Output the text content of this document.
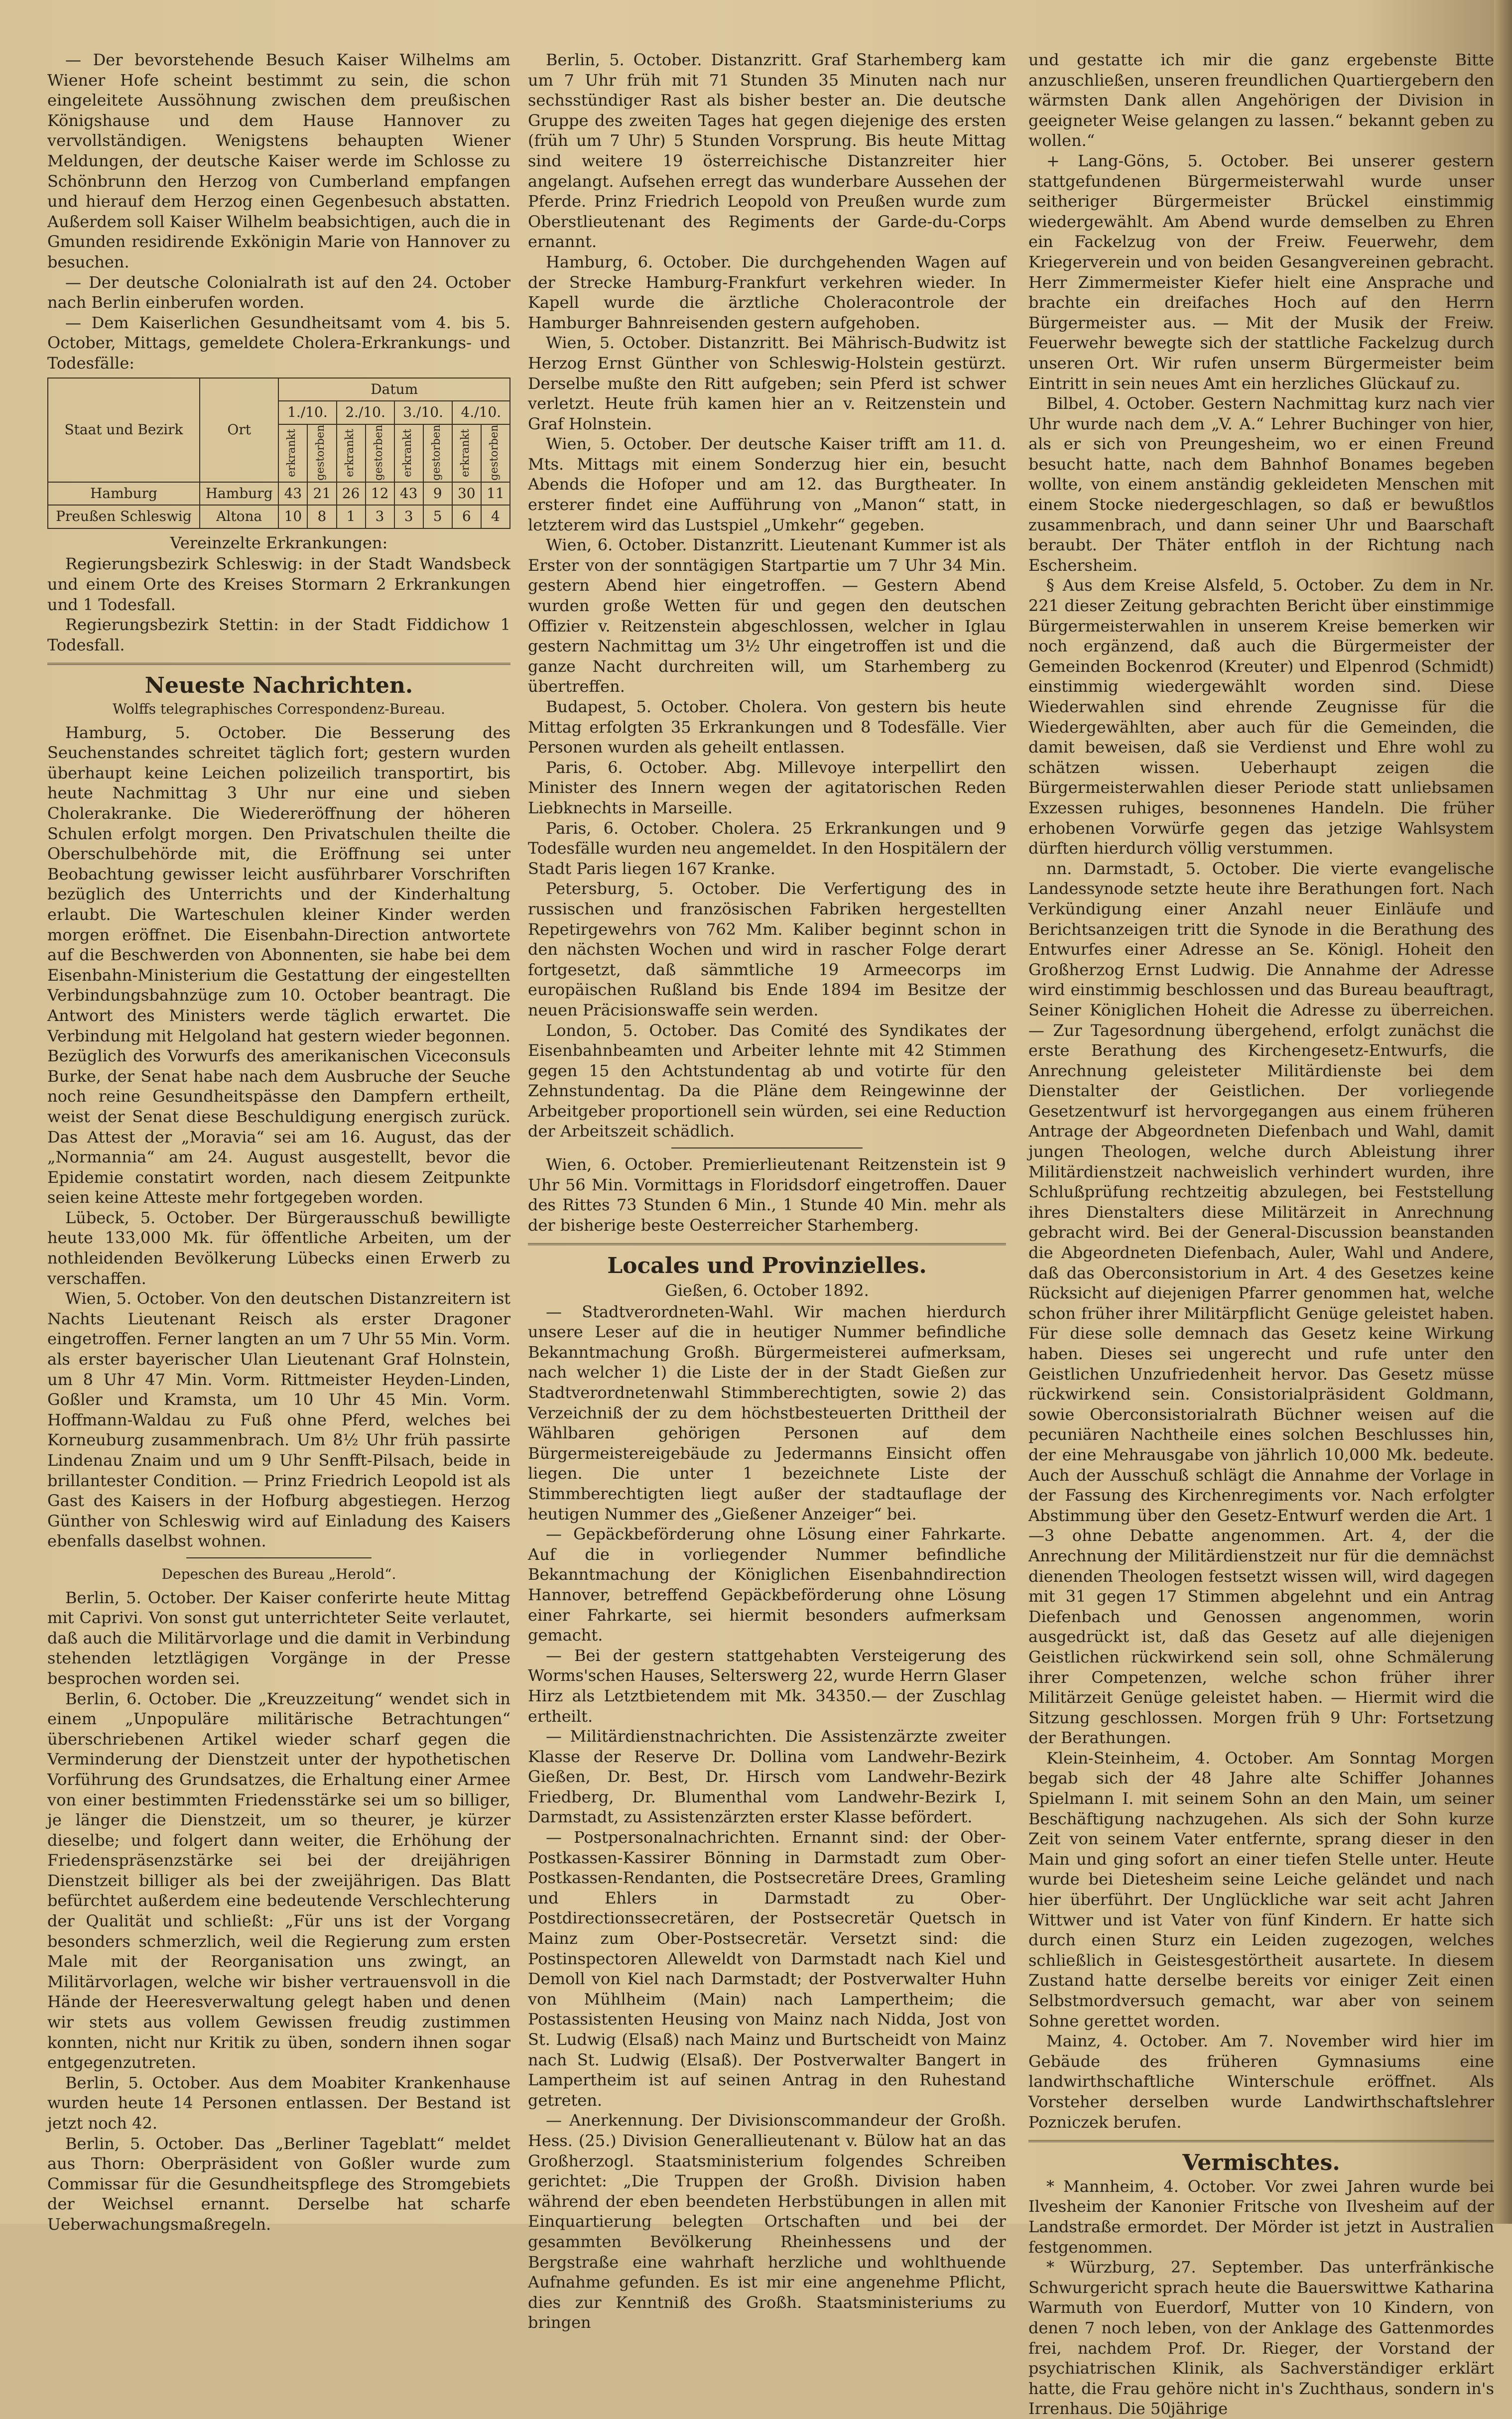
— Der bevorstehende Besuch Kaiser Wilhelms am Wiener Hofe scheint bestimmt zu sein, die schon eingeleitete Aussöhnung zwischen dem preußischen Königshause und dem Hause Hannover zu vervollständigen. Wenigstens behaupten Wiener Meldungen, der deutsche Kaiser werde im Schlosse zu Schönbrunn den Herzog von Cumberland empfangen und hierauf dem Herzog einen Gegenbesuch abstatten. Außerdem soll Kaiser Wilhelm beabsichtigen, auch die in Gmunden residirende Exkönigin Marie von Hannover zu besuchen.

— Der deutsche Colonialrath ist auf den 24. October nach Berlin einberufen worden.

— Dem Kaiserlichen Gesundheitsamt vom 4. bis 5. October, Mittags, gemeldete Cholera-Erkrankungs- und Todesfälle:

Staat und Bezirk	Ort	Datum							
		1./10.		2./10.		3./10.		4./10.	

		erkrankt	gestorben	erkrankt	gestorben	erkrankt	gestorben	erkrankt	gestorben

Hamburg	Hamburg	43	21	26	12	43	9	30	11
Preußen Schleswig	Altona	10	8	1	3	3	5	6	4
Vereinzelte Erkrankungen:

Regierungsbezirk Schleswig: in der Stadt Wandsbeck und einem Orte des Kreises Stormarn 2 Erkrankungen und 1 Todesfall.

Regierungsbezirk Stettin: in der Stadt Fiddichow 1 Todesfall.

Neueste Nachrichten.
Wolffs telegraphisches Correspondenz-Bureau.

Hamburg, 5. October. Die Besserung des Seuchenstandes schreitet täglich fort; gestern wurden überhaupt keine Leichen polizeilich transportirt, bis heute Nachmittag 3 Uhr nur eine und sieben Cholerakranke. Die Wiedereröffnung der höheren Schulen erfolgt morgen. Den Privatschulen theilte die Oberschulbehörde mit, die Eröffnung sei unter Beobachtung gewisser leicht ausführbarer Vorschriften bezüglich des Unterrichts und der Kinderhaltung erlaubt. Die Warteschulen kleiner Kinder werden morgen eröffnet. Die Eisenbahn-Direction antwortete auf die Beschwerden von Abonnenten, sie habe bei dem Eisenbahn-Ministerium die Gestattung der eingestellten Verbindungsbahnzüge zum 10. October beantragt. Die Antwort des Ministers werde täglich erwartet. Die Verbindung mit Helgoland hat gestern wieder begonnen. Bezüglich des Vorwurfs des amerikanischen Viceconsuls Burke, der Senat habe nach dem Ausbruche der Seuche noch reine Gesundheitspässe den Dampfern ertheilt, weist der Senat diese Beschuldigung energisch zurück. Das Attest der „Moravia“ sei am 16. August, das der „Normannia“ am 24. August ausgestellt, bevor die Epidemie constatirt worden, nach diesem Zeitpunkte seien keine Atteste mehr fortgegeben worden.

Lübeck, 5. October. Der Bürgerausschuß bewilligte heute 133,000 Mk. für öffentliche Arbeiten, um der nothleidenden Bevölkerung Lübecks einen Erwerb zu verschaffen.

Wien, 5. October. Von den deutschen Distanzreitern ist Nachts Lieutenant Reisch als erster Dragoner eingetroffen. Ferner langten an um 7 Uhr 55 Min. Vorm. als erster bayerischer Ulan Lieutenant Graf Holnstein, um 8 Uhr 47 Min. Vorm. Rittmeister Heyden-Linden, Goßler und Kramsta, um 10 Uhr 45 Min. Vorm. Hoffmann-Waldau zu Fuß ohne Pferd, welches bei Korneuburg zusammenbrach. Um 8½ Uhr früh passirte Lindenau Znaim und um 9 Uhr Senfft-Pilsach, beide in brillantester Condition. — Prinz Friedrich Leopold ist als Gast des Kaisers in der Hofburg abgestiegen. Herzog Günther von Schleswig wird auf Einladung des Kaisers ebenfalls daselbst wohnen.

Depeschen des Bureau „Herold“.

Berlin, 5. October. Der Kaiser conferirte heute Mittag mit Caprivi. Von sonst gut unterrichteter Seite verlautet, daß auch die Militärvorlage und die damit in Verbindung stehenden letztlägigen Vorgänge in der Presse besprochen worden sei.

Berlin, 6. October. Die „Kreuzzeitung“ wendet sich in einem „Unpopuläre militärische Betrachtungen“ überschriebenen Artikel wieder scharf gegen die Verminderung der Dienstzeit unter der hypothetischen Vorführung des Grundsatzes, die Erhaltung einer Armee von einer bestimmten Friedensstärke sei um so billiger, je länger die Dienstzeit, um so theurer, je kürzer dieselbe; und folgert dann weiter, die Erhöhung der Friedenspräsenzstärke sei bei der dreijährigen Dienstzeit billiger als bei der zweijährigen. Das Blatt befürchtet außerdem eine bedeutende Verschlechterung der Qualität und schließt: „Für uns ist der Vorgang besonders schmerzlich, weil die Regierung zum ersten Male mit der Reorganisation uns zwingt, an Militärvorlagen, welche wir bisher vertrauensvoll in die Hände der Heeresverwaltung gelegt haben und denen wir stets aus vollem Gewissen freudig zustimmen konnten, nicht nur Kritik zu üben, sondern ihnen sogar entgegenzutreten.

Berlin, 5. October. Aus dem Moabiter Krankenhause wurden heute 14 Personen entlassen. Der Bestand ist jetzt noch 42.

Berlin, 5. October. Das „Berliner Tageblatt“ meldet aus Thorn: Oberpräsident von Goßler wurde zum Commissar für die Gesundheitspflege des Stromgebiets der Weichsel ernannt. Derselbe hat scharfe Ueberwachungsmaßregeln.

Berlin, 5. October. Distanzritt. Graf Starhemberg kam um 7 Uhr früh mit 71 Stunden 35 Minuten nach nur sechsstündiger Rast als bisher bester an. Die deutsche Gruppe des zweiten Tages hat gegen diejenige des ersten (früh um 7 Uhr) 5 Stunden Vorsprung. Bis heute Mittag sind weitere 19 österreichische Distanzreiter hier angelangt. Aufsehen erregt das wunderbare Aussehen der Pferde. Prinz Friedrich Leopold von Preußen wurde zum Oberstlieutenant des Regiments der Garde-du-Corps ernannt.

Hamburg, 6. October. Die durchgehenden Wagen auf der Strecke Hamburg-Frankfurt verkehren wieder. In Kapell wurde die ärztliche Choleracontrole der Hamburger Bahnreisenden gestern aufgehoben.

Wien, 5. October. Distanzritt. Bei Mährisch-Budwitz ist Herzog Ernst Günther von Schleswig-Holstein gestürzt. Derselbe mußte den Ritt aufgeben; sein Pferd ist schwer verletzt. Heute früh kamen hier an v. Reitzenstein und Graf Holnstein.

Wien, 5. October. Der deutsche Kaiser trifft am 11. d. Mts. Mittags mit einem Sonderzug hier ein, besucht Abends die Hofoper und am 12. das Burgtheater. In ersterer findet eine Aufführung von „Manon“ statt, in letzterem wird das Lustspiel „Umkehr“ gegeben.

Wien, 6. October. Distanzritt. Lieutenant Kummer ist als Erster von der sonntägigen Startpartie um 7 Uhr 34 Min. gestern Abend hier eingetroffen. — Gestern Abend wurden große Wetten für und gegen den deutschen Offizier v. Reitzenstein abgeschlossen, welcher in Iglau gestern Nachmittag um 3½ Uhr eingetroffen ist und die ganze Nacht durchreiten will, um Starhemberg zu übertreffen.

Budapest, 5. October. Cholera. Von gestern bis heute Mittag erfolgten 35 Erkrankungen und 8 Todesfälle. Vier Personen wurden als geheilt entlassen.

Paris, 6. October. Abg. Millevoye interpellirt den Minister des Innern wegen der agitatorischen Reden Liebknechts in Marseille.

Paris, 6. October. Cholera. 25 Erkrankungen und 9 Todesfälle wurden neu angemeldet. In den Hospitälern der Stadt Paris liegen 167 Kranke.

Petersburg, 5. October. Die Verfertigung des in russischen und französischen Fabriken hergestellten Repetirgewehrs von 762 Mm. Kaliber beginnt schon in den nächsten Wochen und wird in rascher Folge derart fortgesetzt, daß sämmtliche 19 Armeecorps im europäischen Rußland bis Ende 1894 im Besitze der neuen Präcisionswaffe sein werden.

London, 5. October. Das Comité des Syndikates der Eisenbahnbeamten und Arbeiter lehnte mit 42 Stimmen gegen 15 den Achtstundentag ab und votirte für den Zehnstundentag. Da die Pläne dem Reingewinne der Arbeitgeber proportionell sein würden, sei eine Reduction der Arbeitszeit schädlich.

Wien, 6. October. Premierlieutenant Reitzenstein ist 9 Uhr 56 Min. Vormittags in Floridsdorf eingetroffen. Dauer des Rittes 73 Stunden 6 Min., 1 Stunde 40 Min. mehr als der bisherige beste Oesterreicher Starhemberg.

Locales und Provinzielles.
Gießen, 6. October 1892.

— Stadtverordneten-Wahl. Wir machen hierdurch unsere Leser auf die in heutiger Nummer befindliche Bekanntmachung Großh. Bürgermeisterei aufmerksam, nach welcher 1) die Liste der in der Stadt Gießen zur Stadtverordnetenwahl Stimmberechtigten, sowie 2) das Verzeichniß der zu dem höchstbesteuerten Drittheil der Wählbaren gehörigen Personen auf dem Bürgermeistereigebäude zu Jedermanns Einsicht offen liegen. Die unter 1 bezeichnete Liste der Stimmberechtigten liegt außer der stadtauflage der heutigen Nummer des „Gießener Anzeiger“ bei.

— Gepäckbeförderung ohne Lösung einer Fahrkarte. Auf die in vorliegender Nummer befindliche Bekanntmachung der Königlichen Eisenbahndirection Hannover, betreffend Gepäckbeförderung ohne Lösung einer Fahrkarte, sei hiermit besonders aufmerksam gemacht.

— Bei der gestern stattgehabten Versteigerung des Worms'schen Hauses, Selterswerg 22, wurde Herrn Glaser Hirz als Letztbietendem mit Mk. 34350.— der Zuschlag ertheilt.

— Militärdienstnachrichten. Die Assistenzärzte zweiter Klasse der Reserve Dr. Dollina vom Landwehr-Bezirk Gießen, Dr. Best, Dr. Hirsch vom Landwehr-Bezirk Friedberg, Dr. Blumenthal vom Landwehr-Bezirk I, Darmstadt, zu Assistenzärzten erster Klasse befördert.

— Postpersonalnachrichten. Ernannt sind: der Ober-Postkassen-Kassirer Bönning in Darmstadt zum Ober-Postkassen-Rendanten, die Postsecretäre Drees, Gramling und Ehlers in Darmstadt zu Ober-Postdirectionssecretären, der Postsecretär Quetsch in Mainz zum Ober-Postsecretär. Versetzt sind: die Postinspectoren Alleweldt von Darmstadt nach Kiel und Demoll von Kiel nach Darmstadt; der Postverwalter Huhn von Mühlheim (Main) nach Lampertheim; die Postassistenten Heusing von Mainz nach Nidda, Jost von St. Ludwig (Elsaß) nach Mainz und Burtscheidt von Mainz nach St. Ludwig (Elsaß). Der Postverwalter Bangert in Lampertheim ist auf seinen Antrag in den Ruhestand getreten.

— Anerkennung. Der Divisionscommandeur der Großh. Hess. (25.) Division Generallieutenant v. Bülow hat an das Großherzogl. Staatsministerium folgendes Schreiben gerichtet: „Die Truppen der Großh. Division haben während der eben beendeten Herbstübungen in allen mit Einquartierung belegten Ortschaften und bei der gesammten Bevölkerung Rheinhessens und der Bergstraße eine wahrhaft herzliche und wohlthuende Aufnahme gefunden. Es ist mir eine angenehme Pflicht, dies zur Kenntniß des Großh. Staatsministeriums zu bringen

und gestatte ich mir die ganz ergebenste Bitte anzuschließen, unseren freundlichen Quartiergebern den wärmsten Dank allen Angehörigen der Division in geeigneter Weise gelangen zu lassen.“ bekannt geben zu wollen.“

+ Lang-Göns, 5. October. Bei unserer gestern stattgefundenen Bürgermeisterwahl wurde unser seitheriger Bürgermeister Brückel einstimmig wiedergewählt. Am Abend wurde demselben zu Ehren ein Fackelzug von der Freiw. Feuerwehr, dem Kriegerverein und von beiden Gesangvereinen gebracht. Herr Zimmermeister Kiefer hielt eine Ansprache und brachte ein dreifaches Hoch auf den Herrn Bürgermeister aus. — Mit der Musik der Freiw. Feuerwehr bewegte sich der stattliche Fackelzug durch unseren Ort. Wir rufen unserm Bürgermeister beim Eintritt in sein neues Amt ein herzliches Glückauf zu.

Bilbel, 4. October. Gestern Nachmittag kurz nach vier Uhr wurde nach dem „V. A.“ Lehrer Buchinger von hier, als er sich von Preungesheim, wo er einen Freund besucht hatte, nach dem Bahnhof Bonames begeben wollte, von einem anständig gekleideten Menschen mit einem Stocke niedergeschlagen, so daß er bewußtlos zusammenbrach, und dann seiner Uhr und Baarschaft beraubt. Der Thäter entfloh in der Richtung nach Eschersheim.

§ Aus dem Kreise Alsfeld, 5. October. Zu dem in Nr. 221 dieser Zeitung gebrachten Bericht über einstimmige Bürgermeisterwahlen in unserem Kreise bemerken wir noch ergänzend, daß auch die Bürgermeister der Gemeinden Bockenrod (Kreuter) und Elpenrod (Schmidt) einstimmig wiedergewählt worden sind. Diese Wiederwahlen sind ehrende Zeugnisse für die Wiedergewählten, aber auch für die Gemeinden, die damit beweisen, daß sie Verdienst und Ehre wohl zu schätzen wissen. Ueberhaupt zeigen die Bürgermeisterwahlen dieser Periode statt unliebsamen Exzessen ruhiges, besonnenes Handeln. Die früher erhobenen Vorwürfe gegen das jetzige Wahlsystem dürften hierdurch völlig verstummen.

nn. Darmstadt, 5. October. Die vierte evangelische Landessynode setzte heute ihre Berathungen fort. Nach Verkündigung einer Anzahl neuer Einläufe und Berichtsanzeigen tritt die Synode in die Berathung des Entwurfes einer Adresse an Se. Königl. Hoheit den Großherzog Ernst Ludwig. Die Annahme der Adresse wird einstimmig beschlossen und das Bureau beauftragt, Seiner Königlichen Hoheit die Adresse zu überreichen. — Zur Tagesordnung übergehend, erfolgt zunächst die erste Berathung des Kirchengesetz-Entwurfs, die Anrechnung geleisteter Militärdienste bei dem Dienstalter der Geistlichen. Der vorliegende Gesetzentwurf ist hervorgegangen aus einem früheren Antrage der Abgeordneten Diefenbach und Wahl, damit jungen Theologen, welche durch Ableistung ihrer Militärdienstzeit nachweislich verhindert wurden, ihre Schlußprüfung rechtzeitig abzulegen, bei Feststellung ihres Dienstalters diese Militärzeit in Anrechnung gebracht wird. Bei der General-Discussion beanstanden die Abgeordneten Diefenbach, Auler, Wahl und Andere, daß das Oberconsistorium in Art. 4 des Gesetzes keine Rücksicht auf diejenigen Pfarrer genommen hat, welche schon früher ihrer Militärpflicht Genüge geleistet haben. Für diese solle demnach das Gesetz keine Wirkung haben. Dieses sei ungerecht und rufe unter den Geistlichen Unzufriedenheit hervor. Das Gesetz müsse rückwirkend sein. Consistorialpräsident Goldmann, sowie Oberconsistorialrath Büchner weisen auf die pecuniären Nachtheile eines solchen Beschlusses hin, der eine Mehrausgabe von jährlich 10,000 Mk. bedeute. Auch der Ausschuß schlägt die Annahme der Vorlage in der Fassung des Kirchenregiments vor. Nach erfolgter Abstimmung über den Gesetz-Entwurf werden die Art. 1—3 ohne Debatte angenommen. Art. 4, der die Anrechnung der Militärdienstzeit nur für die demnächst dienenden Theologen festsetzt wissen will, wird dagegen mit 31 gegen 17 Stimmen abgelehnt und ein Antrag Diefenbach und Genossen angenommen, worin ausgedrückt ist, daß das Gesetz auf alle diejenigen Geistlichen rückwirkend sein soll, ohne Schmälerung ihrer Competenzen, welche schon früher ihrer Militärzeit Genüge geleistet haben. — Hiermit wird die Sitzung geschlossen. Morgen früh 9 Uhr: Fortsetzung der Berathungen.

Klein-Steinheim, 4. October. Am Sonntag Morgen begab sich der 48 Jahre alte Schiffer Johannes Spielmann I. mit seinem Sohn an den Main, um seiner Beschäftigung nachzugehen. Als sich der Sohn kurze Zeit von seinem Vater entfernte, sprang dieser in den Main und ging sofort an einer tiefen Stelle unter. Heute wurde bei Dietesheim seine Leiche geländet und nach hier überführt. Der Unglückliche war seit acht Jahren Wittwer und ist Vater von fünf Kindern. Er hatte sich durch einen Sturz ein Leiden zugezogen, welches schließlich in Geistesgestörtheit ausartete. In diesem Zustand hatte derselbe bereits vor einiger Zeit einen Selbstmordversuch gemacht, war aber von seinem Sohne gerettet worden.

Mainz, 4. October. Am 7. November wird hier im Gebäude des früheren Gymnasiums eine landwirthschaftliche Winterschule eröffnet. Als Vorsteher derselben wurde Landwirthschaftslehrer Pozniczek berufen.

Vermischtes.

* Mannheim, 4. October. Vor zwei Jahren wurde bei Ilvesheim der Kanonier Fritsche von Ilvesheim auf der Landstraße ermordet. Der Mörder ist jetzt in Australien festgenommen.

* Würzburg, 27. September. Das unterfränkische Schwurgericht sprach heute die Bauerswittwe Katharina Warmuth von Euerdorf, Mutter von 10 Kindern, von denen 7 noch leben, von der Anklage des Gattenmordes frei, nachdem Prof. Dr. Rieger, der Vorstand der psychiatrischen Klinik, als Sachverständiger erklärt hatte, die Frau gehöre nicht in's Zuchthaus, sondern in's Irrenhaus. Die 50jährige
